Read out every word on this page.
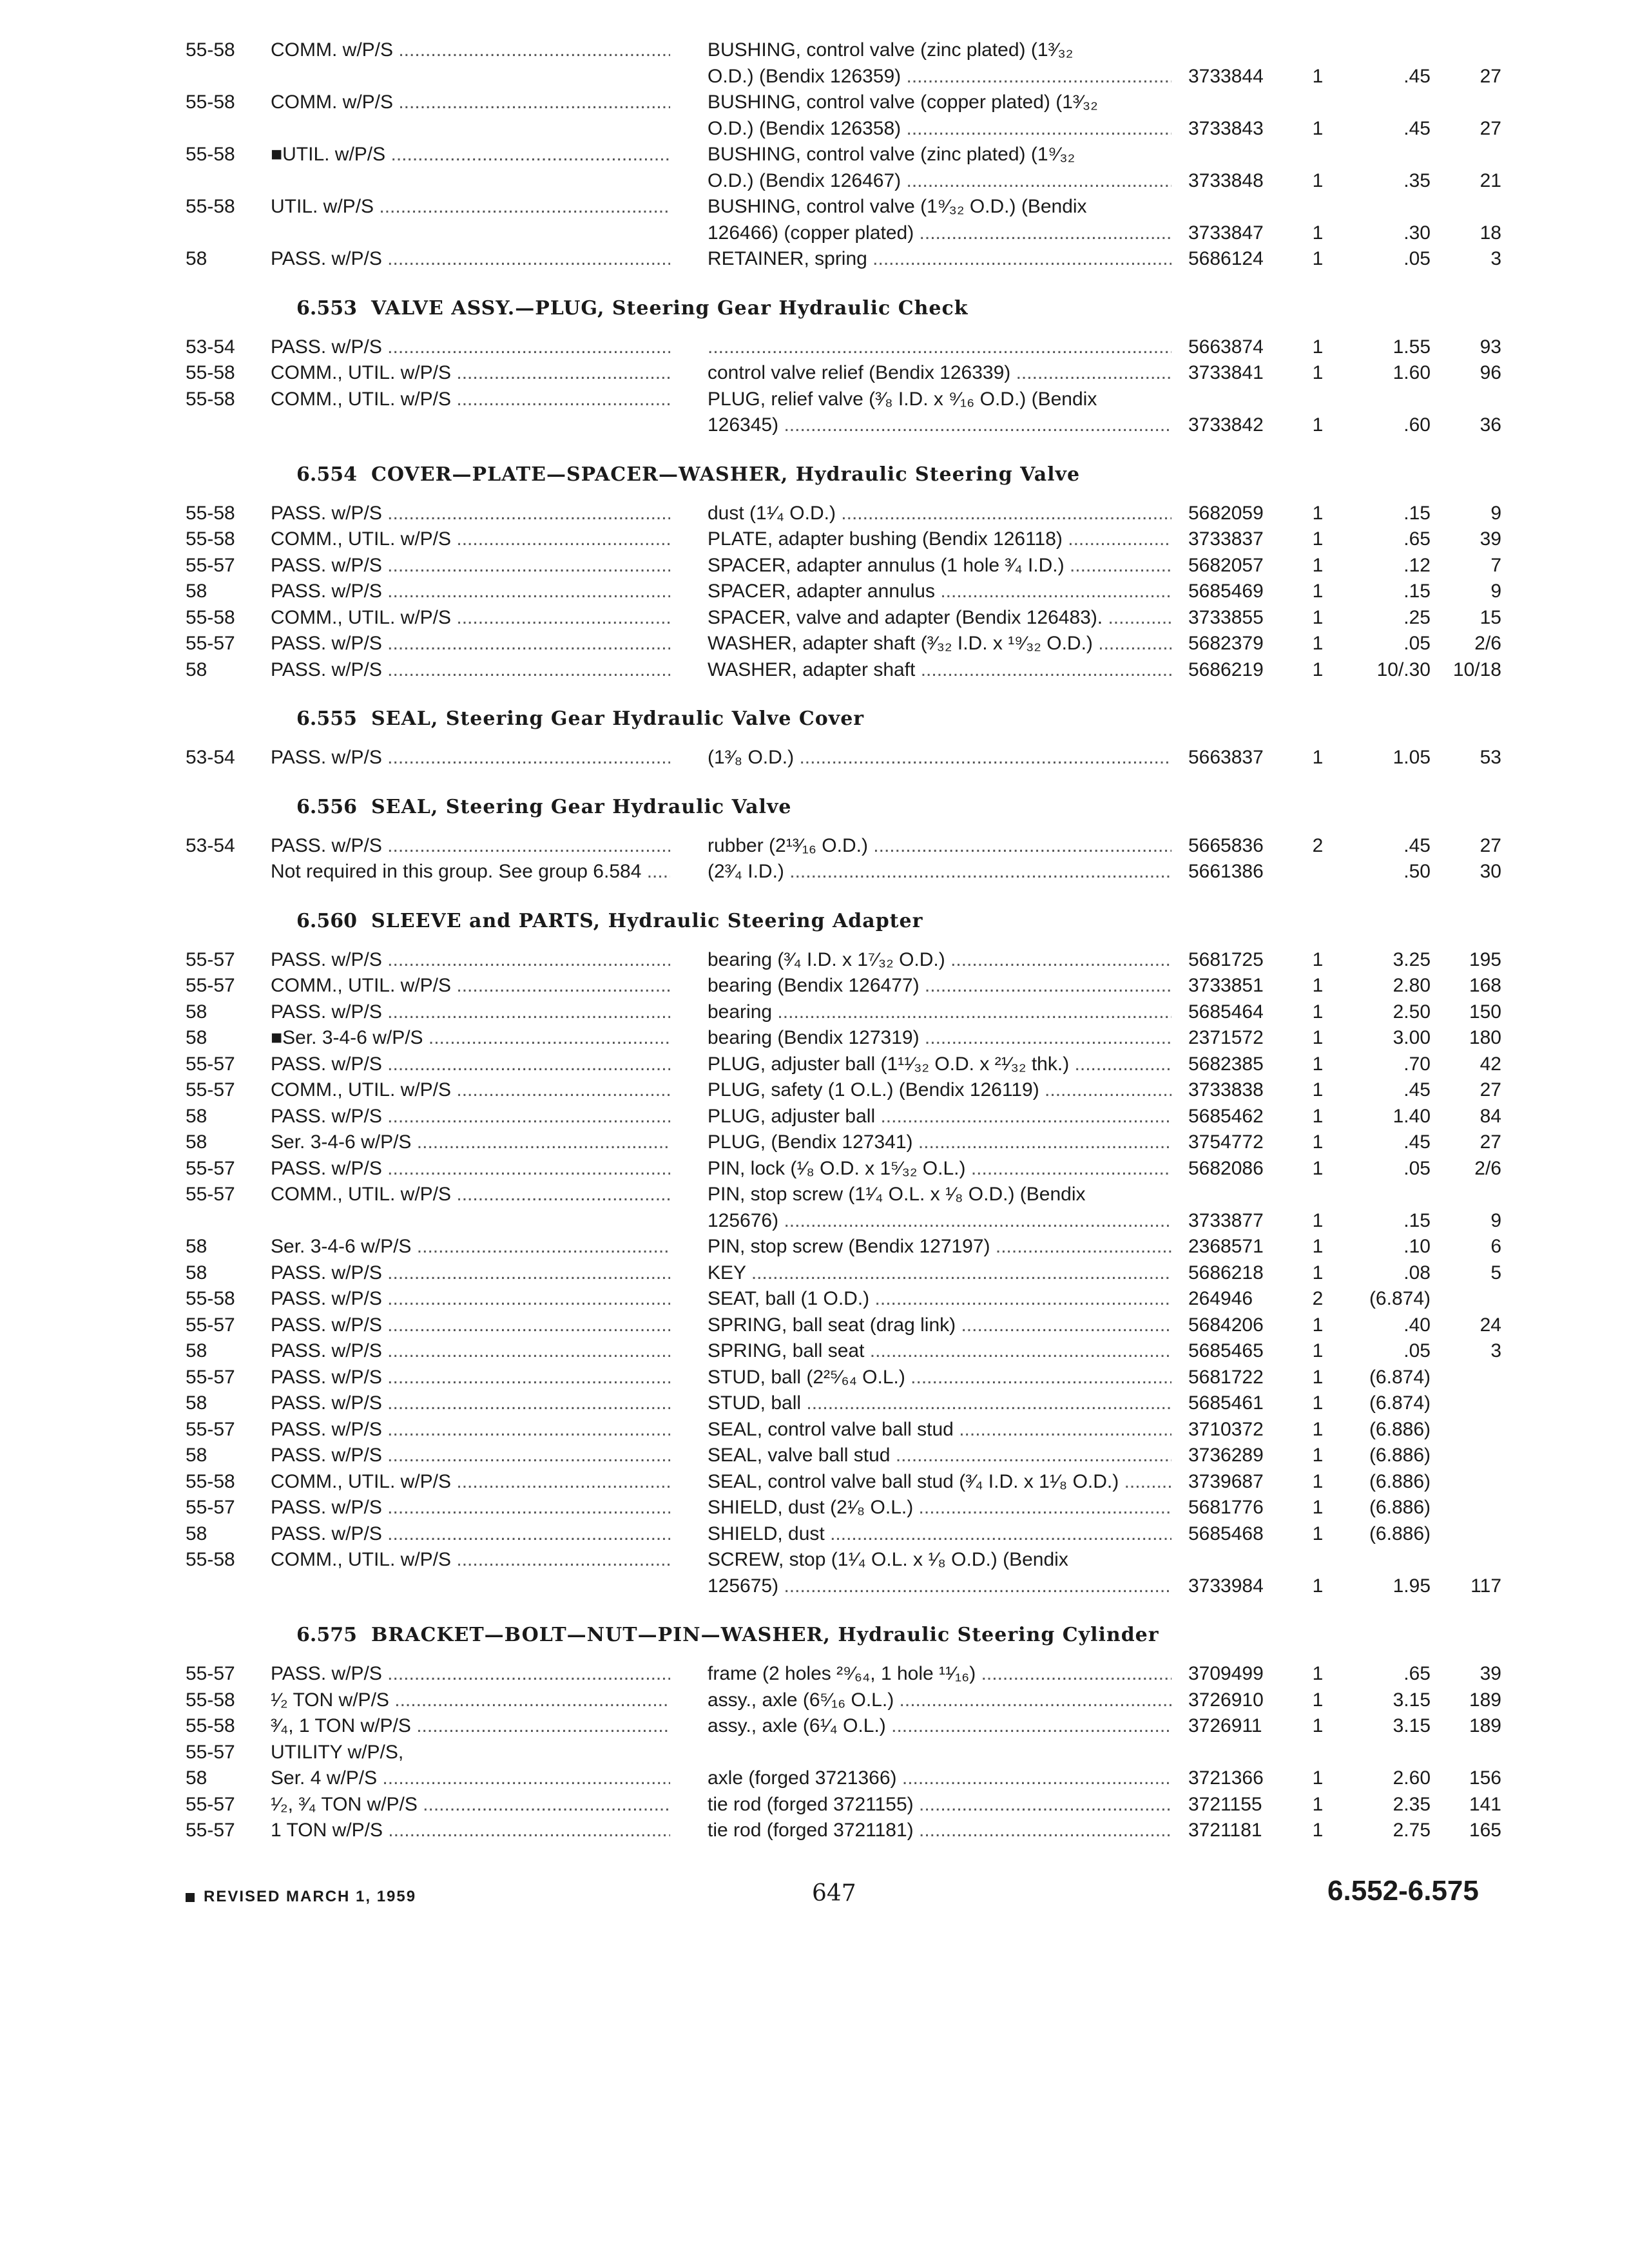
55-58	COMM. w/P/S .....	BUSHING, control valve (zinc plated) (1³⁄₃₂
O.D.) (Bendix 126359) .....	3733844	1	.45	27
55-58	COMM. w/P/S .....	BUSHING, control valve (copper plated) (1³⁄₃₂
O.D.) (Bendix 126358) .....	3733843	1	.45	27
55-58	■UTIL. w/P/S .....	BUSHING, control valve (zinc plated) (1⁹⁄₃₂
O.D.) (Bendix 126467) .....	3733848	1	.35	21
55-58	UTIL. w/P/S .....	BUSHING, control valve (1⁹⁄₃₂ O.D.) (Bendix
126466) (copper plated) .....	3733847	1	.30	18
58	PASS. w/P/S .....	RETAINER, spring .....	5686124	1	.05	3
6.553 VALVE ASSY.—PLUG, Steering Gear Hydraulic Check
53-54	PASS. w/P/S .....
.....	5663874	1	1.55	93
55-58	COMM., UTIL. w/P/S .....	control valve relief (Bendix 126339) .....	3733841	1	1.60	96
55-58	COMM., UTIL. w/P/S .....	PLUG, relief valve (³⁄₈ I.D. x ⁹⁄₁₆ O.D.) (Bendix
126345) .....	3733842	1	.60	36
6.554 COVER—PLATE—SPACER—WASHER, Hydraulic Steering Valve
55-58	PASS. w/P/S .....	dust (1¹⁄₄ O.D.) .....	5682059	1	.15	9
55-58	COMM., UTIL. w/P/S .....	PLATE, adapter bushing (Bendix 126118) .....	3733837	1	.65	39
55-57	PASS. w/P/S .....	SPACER, adapter annulus (1 hole ³⁄₄ I.D.) .....	5682057	1	.12	7
58	PASS. w/P/S .....	SPACER, adapter annulus .....	5685469	1	.15	9
55-58	COMM., UTIL. w/P/S .....	SPACER, valve and adapter (Bendix 126483). .....	3733855	1	.25	15
55-57	PASS. w/P/S .....	WASHER, adapter shaft (³⁄₃₂ I.D. x ¹⁹⁄₃₂ O.D.) .....	5682379	1	.05	2/6
58	PASS. w/P/S .....	WASHER, adapter shaft .....	5686219	1	10/.30	10/18
6.555 SEAL, Steering Gear Hydraulic Valve Cover
53-54	PASS. w/P/S .....	(1³⁄₈ O.D.) .....	5663837	1	1.05	53
6.556 SEAL, Steering Gear Hydraulic Valve
53-54	PASS. w/P/S .....	rubber (2¹³⁄₁₆ O.D.) .....	5665836	2	.45	27
Not required in this group. See group 6.584 .....	(2³⁄₄ I.D.) .....	5661386	.50	30
6.560 SLEEVE and PARTS, Hydraulic Steering Adapter
55-57	PASS. w/P/S .....	bearing (³⁄₄ I.D. x 1⁷⁄₃₂ O.D.) .....	5681725	1	3.25	195
55-57	COMM., UTIL. w/P/S .....	bearing (Bendix 126477) .....	3733851	1	2.80	168
58	PASS. w/P/S .....	bearing .....	5685464	1	2.50	150
58	■Ser. 3-4-6 w/P/S .....	bearing (Bendix 127319) .....	2371572	1	3.00	180
55-57	PASS. w/P/S .....	PLUG, adjuster ball (1¹¹⁄₃₂ O.D. x ²¹⁄₃₂ thk.) .....	5682385	1	.70	42
55-57	COMM., UTIL. w/P/S .....	PLUG, safety (1 O.L.) (Bendix 126119) .....	3733838	1	.45	27
58	PASS. w/P/S .....	PLUG, adjuster ball .....	5685462	1	1.40	84
58	Ser. 3-4-6 w/P/S .....	PLUG, (Bendix 127341) .....	3754772	1	.45	27
55-57	PASS. w/P/S .....	PIN, lock (¹⁄₈ O.D. x 1⁵⁄₃₂ O.L.) .....	5682086	1	.05	2/6
55-57	COMM., UTIL. w/P/S .....	PIN, stop screw (1¹⁄₄ O.L. x ¹⁄₈ O.D.) (Bendix
125676) .....	3733877	1	.15	9
58	Ser. 3-4-6 w/P/S .....	PIN, stop screw (Bendix 127197) .....	2368571	1	.10	6
58	PASS. w/P/S .....	KEY .....	5686218	1	.08	5
55-58	PASS. w/P/S .....	SEAT, ball (1 O.D.) .....	264946	2	(6.874)
55-57	PASS. w/P/S .....	SPRING, ball seat (drag link) .....	5684206	1	.40	24
58	PASS. w/P/S .....	SPRING, ball seat .....	5685465	1	.05	3
55-57	PASS. w/P/S .....	STUD, ball (2²⁵⁄₆₄ O.L.) .....	5681722	1	(6.874)
58	PASS. w/P/S .....	STUD, ball .....	5685461	1	(6.874)
55-57	PASS. w/P/S .....	SEAL, control valve ball stud .....	3710372	1	(6.886)
58	PASS. w/P/S .....	SEAL, valve ball stud .....	3736289	1	(6.886)
55-58	COMM., UTIL. w/P/S .....	SEAL, control valve ball stud (³⁄₄ I.D. x 1¹⁄₈ O.D.) .....	3739687	1	(6.886)
55-57	PASS. w/P/S .....	SHIELD, dust (2¹⁄₈ O.L.) .....	5681776	1	(6.886)
58	PASS. w/P/S .....	SHIELD, dust .....	5685468	1	(6.886)
55-58	COMM., UTIL. w/P/S .....	SCREW, stop (1¹⁄₄ O.L. x ¹⁄₈ O.D.) (Bendix
125675) .....	3733984	1	1.95	117
6.575 BRACKET—BOLT—NUT—PIN—WASHER, Hydraulic Steering Cylinder
55-57	PASS. w/P/S .....	frame (2 holes ²⁹⁄₆₄, 1 hole ¹¹⁄₁₆) .....	3709499	1	.65	39
55-58	¹⁄₂ TON w/P/S .....	assy., axle (6⁵⁄₁₆ O.L.) .....	3726910	1	3.15	189
55-58	³⁄₄, 1 TON w/P/S .....	assy., axle (6¹⁄₄ O.L.) .....	3726911	1	3.15	189
55-57	UTILITY w/P/S,
58	Ser. 4 w/P/S .....	axle (forged 3721366) .....	3721366	1	2.60	156
55-57	¹⁄₂, ³⁄₄ TON w/P/S .....	tie rod (forged 3721155) .....	3721155	1	2.35	141
55-57	1 TON w/P/S .....	tie rod (forged 3721181) .....	3721181	1	2.75	165
REVISED MARCH 1, 1959	647	6.552-6.575
